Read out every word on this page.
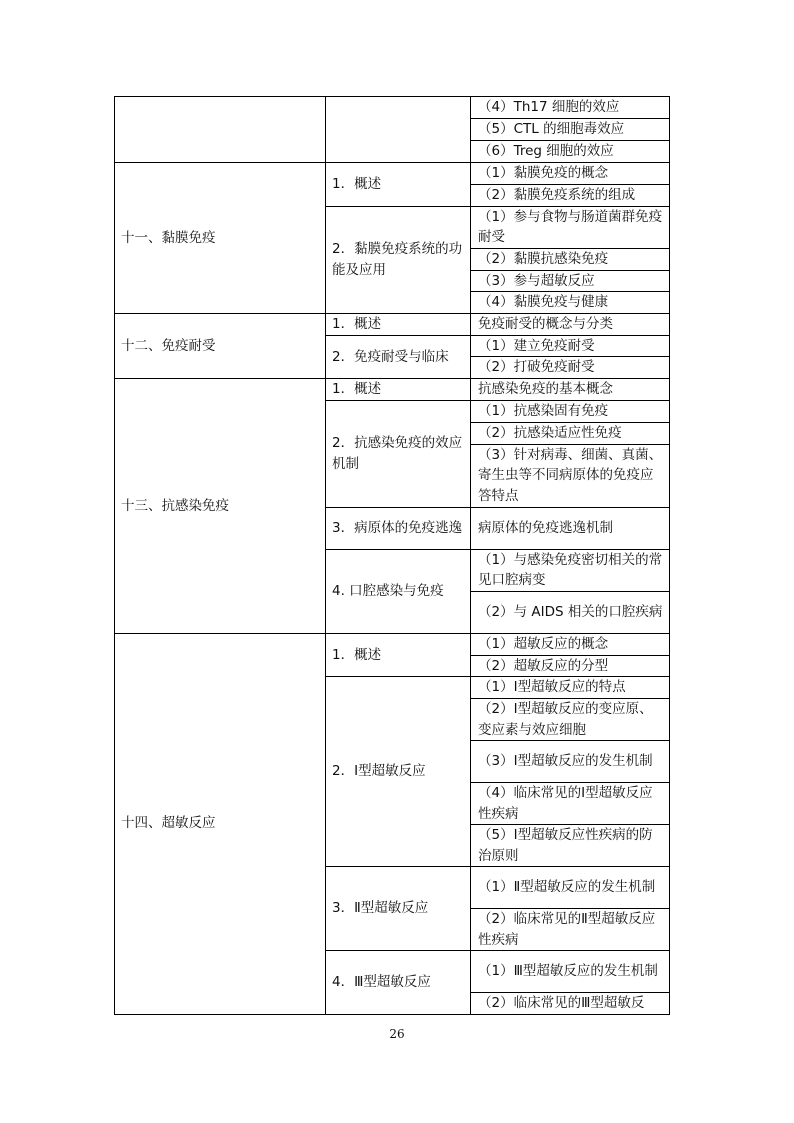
		（4）Th17 细胞的效应
		（5）CTL 的细胞毒效应
		（6）Treg 细胞的效应
十一、黏膜免疫	1．概述	（1）黏膜免疫的概念
		（2）黏膜免疫系统的组成
	2．黏膜免疫系统的功能及应用	（1）参与食物与肠道菌群免疫耐受
		（2）黏膜抗感染免疫
		（3）参与超敏反应
		（4）黏膜免疫与健康
十二、免疫耐受	1．概述	免疫耐受的概念与分类
	2．免疫耐受与临床	（1）建立免疫耐受
		（2）打破免疫耐受
十三、抗感染免疫	1．概述	抗感染免疫的基本概念
	2．抗感染免疫的效应机制	（1）抗感染固有免疫
		（2）抗感染适应性免疫
		（3）针对病毒、细菌、真菌、寄生虫等不同病原体的免疫应答特点
	3．病原体的免疫逃逸	病原体的免疫逃逸机制
	4. 口腔感染与免疫	（1）与感染免疫密切相关的常见口腔病变
		（2）与 AIDS 相关的口腔疾病
十四、超敏反应	1．概述	（1）超敏反应的概念
		（2）超敏反应的分型
	2．Ⅰ型超敏反应	（1）Ⅰ型超敏反应的特点
		（2）Ⅰ型超敏反应的变应原、变应素与效应细胞
		（3）Ⅰ型超敏反应的发生机制
		（4）临床常见的Ⅰ型超敏反应性疾病
		（5）Ⅰ型超敏反应性疾病的防治原则
	3．Ⅱ型超敏反应	（1）Ⅱ型超敏反应的发生机制
		（2）临床常见的Ⅱ型超敏反应性疾病
	4．Ⅲ型超敏反应	（1）Ⅲ型超敏反应的发生机制
		（2）临床常见的Ⅲ型超敏反
26
